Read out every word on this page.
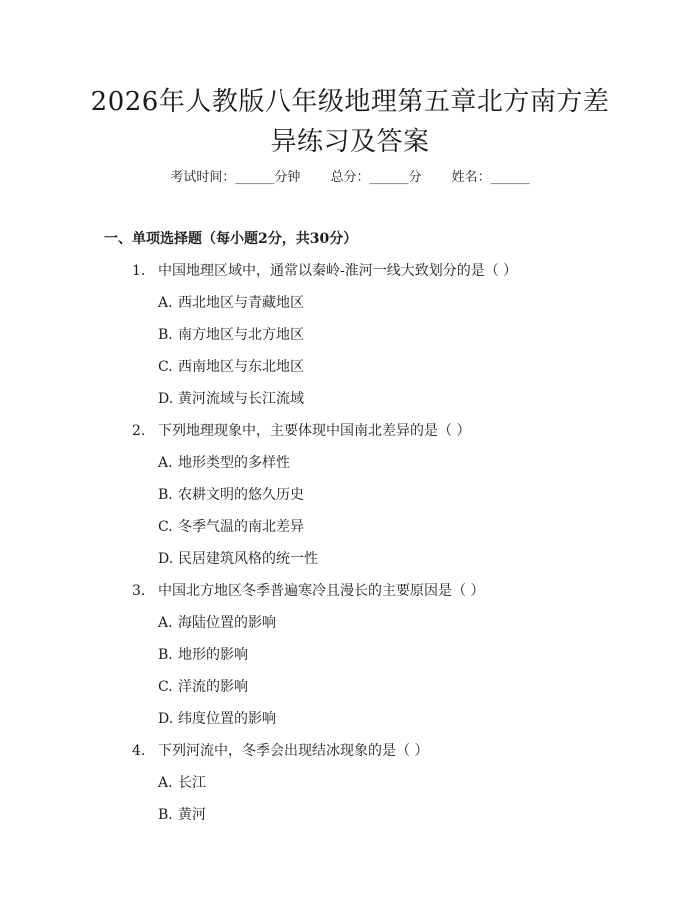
2026年人教版八年级地理第五章北方南方差
异练习及答案
考试时间：______分钟 总分：______分 姓名：______
一、单项选择题（每小题2分，共30分）
1. 中国地理区域中，通常以秦岭-淮河一线大致划分的是（ ）
A. 西北地区与青藏地区
B. 南方地区与北方地区
C. 西南地区与东北地区
D. 黄河流域与长江流域
2. 下列地理现象中，主要体现中国南北差异的是（ ）
A. 地形类型的多样性
B. 农耕文明的悠久历史
C. 冬季气温的南北差异
D. 民居建筑风格的统一性
3. 中国北方地区冬季普遍寒冷且漫长的主要原因是（ ）
A. 海陆位置的影响
B. 地形的影响
C. 洋流的影响
D. 纬度位置的影响
4. 下列河流中，冬季会出现结冰现象的是（ ）
A. 长江
B. 黄河
